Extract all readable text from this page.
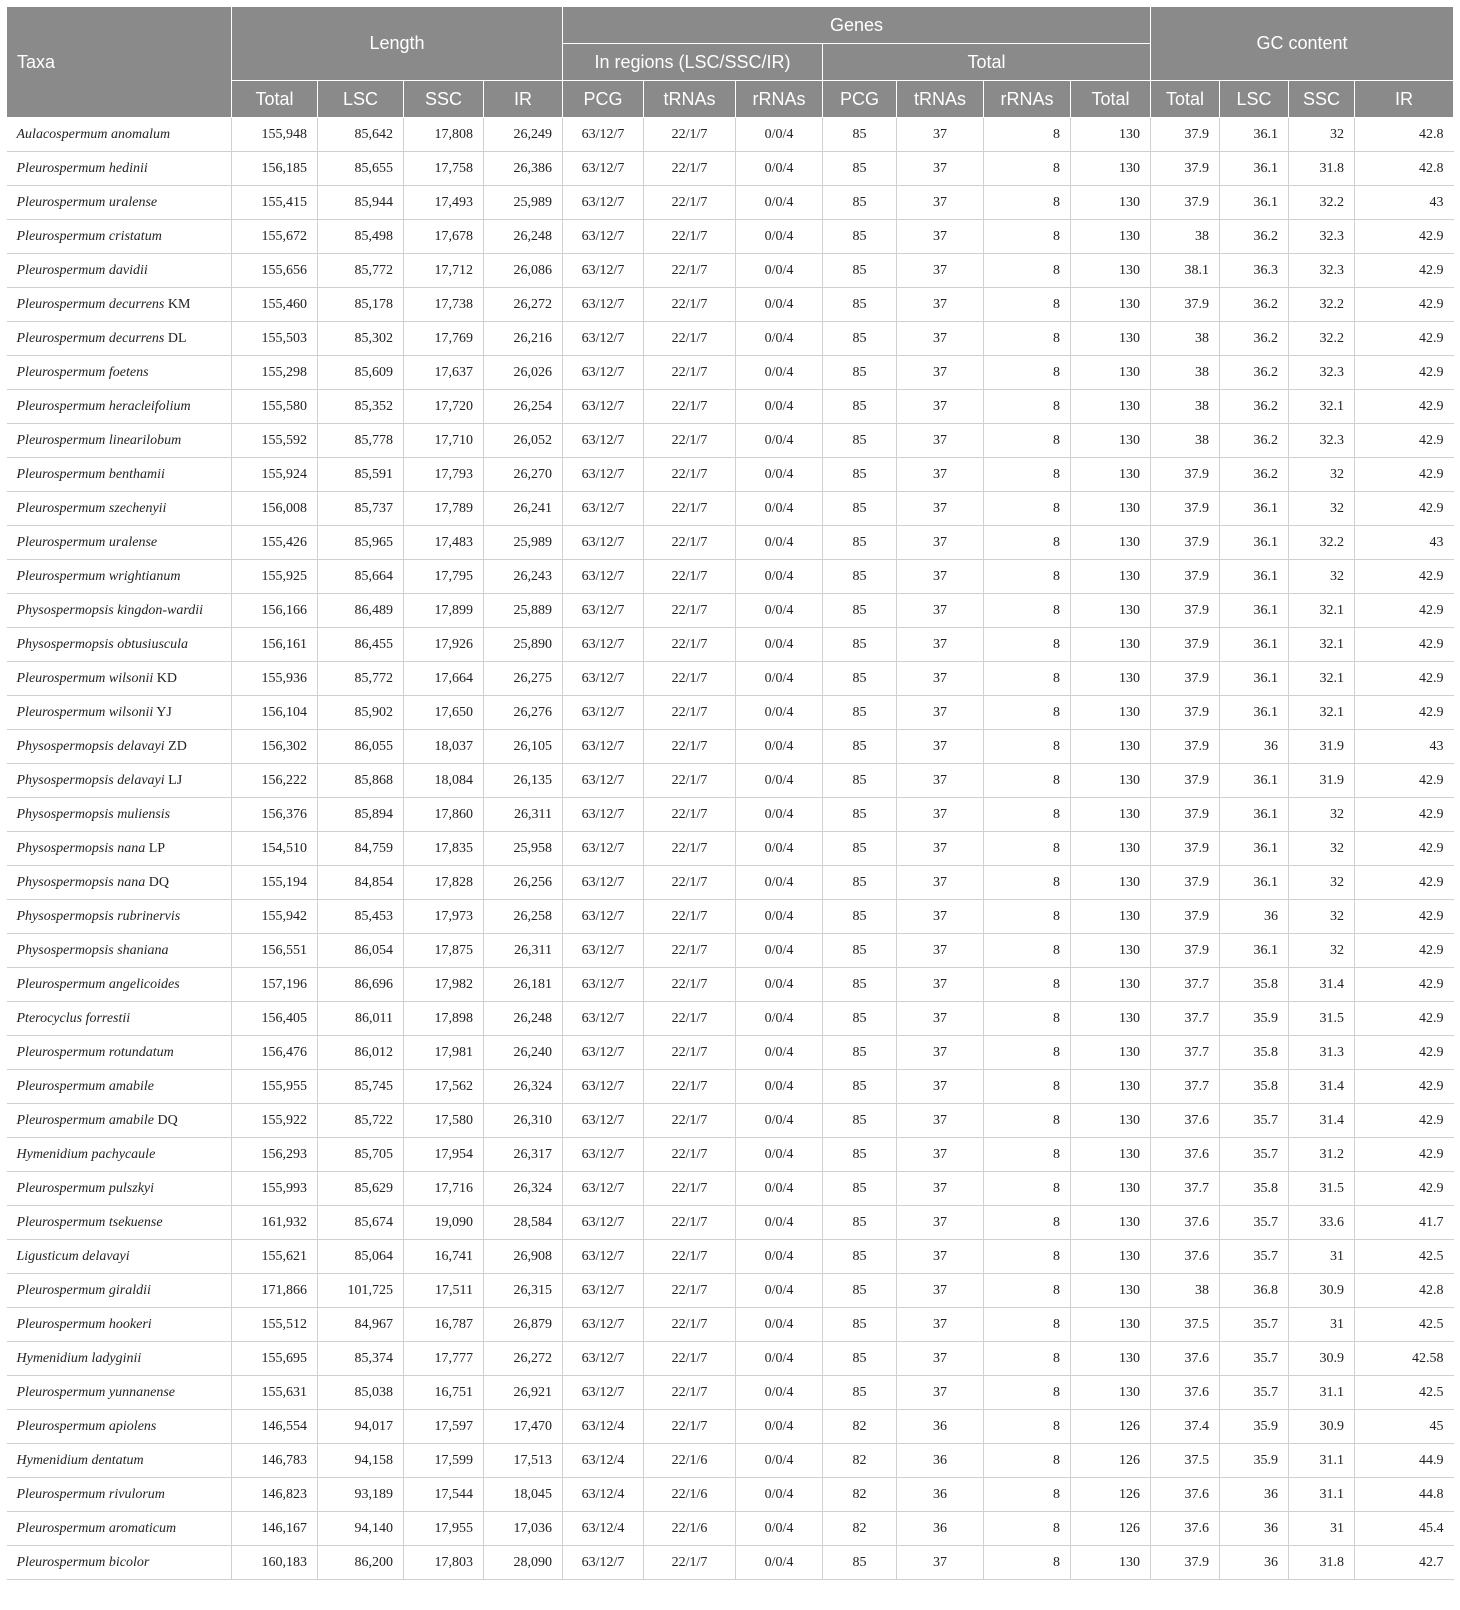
Taxa	Length				Genes							GC content			
					In regions (LSC/SSC/IR)			Total							
	Total	LSC	SSC	IR	PCG	tRNAs	rRNAs	PCG	tRNAs	rRNAs	Total	Total	LSC	SSC	IR
Aulacospermum anomalum	155,948	85,642	17,808	26,249	63/12/7	22/1/7	0/0/4	85	37	8	130	37.9	36.1	32	42.8
Pleurospermum hedinii	156,185	85,655	17,758	26,386	63/12/7	22/1/7	0/0/4	85	37	8	130	37.9	36.1	31.8	42.8
Pleurospermum uralense	155,415	85,944	17,493	25,989	63/12/7	22/1/7	0/0/4	85	37	8	130	37.9	36.1	32.2	43
Pleurospermum cristatum	155,672	85,498	17,678	26,248	63/12/7	22/1/7	0/0/4	85	37	8	130	38	36.2	32.3	42.9
Pleurospermum davidii	155,656	85,772	17,712	26,086	63/12/7	22/1/7	0/0/4	85	37	8	130	38.1	36.3	32.3	42.9
Pleurospermum decurrens KM	155,460	85,178	17,738	26,272	63/12/7	22/1/7	0/0/4	85	37	8	130	37.9	36.2	32.2	42.9
Pleurospermum decurrens DL	155,503	85,302	17,769	26,216	63/12/7	22/1/7	0/0/4	85	37	8	130	38	36.2	32.2	42.9
Pleurospermum foetens	155,298	85,609	17,637	26,026	63/12/7	22/1/7	0/0/4	85	37	8	130	38	36.2	32.3	42.9
Pleurospermum heracleifolium	155,580	85,352	17,720	26,254	63/12/7	22/1/7	0/0/4	85	37	8	130	38	36.2	32.1	42.9
Pleurospermum linearilobum	155,592	85,778	17,710	26,052	63/12/7	22/1/7	0/0/4	85	37	8	130	38	36.2	32.3	42.9
Pleurospermum benthamii	155,924	85,591	17,793	26,270	63/12/7	22/1/7	0/0/4	85	37	8	130	37.9	36.2	32	42.9
Pleurospermum szechenyii	156,008	85,737	17,789	26,241	63/12/7	22/1/7	0/0/4	85	37	8	130	37.9	36.1	32	42.9
Pleurospermum uralense	155,426	85,965	17,483	25,989	63/12/7	22/1/7	0/0/4	85	37	8	130	37.9	36.1	32.2	43
Pleurospermum wrightianum	155,925	85,664	17,795	26,243	63/12/7	22/1/7	0/0/4	85	37	8	130	37.9	36.1	32	42.9
Physospermopsis kingdon-wardii	156,166	86,489	17,899	25,889	63/12/7	22/1/7	0/0/4	85	37	8	130	37.9	36.1	32.1	42.9
Physospermopsis obtusiuscula	156,161	86,455	17,926	25,890	63/12/7	22/1/7	0/0/4	85	37	8	130	37.9	36.1	32.1	42.9
Pleurospermum wilsonii KD	155,936	85,772	17,664	26,275	63/12/7	22/1/7	0/0/4	85	37	8	130	37.9	36.1	32.1	42.9
Pleurospermum wilsonii YJ	156,104	85,902	17,650	26,276	63/12/7	22/1/7	0/0/4	85	37	8	130	37.9	36.1	32.1	42.9
Physospermopsis delavayi ZD	156,302	86,055	18,037	26,105	63/12/7	22/1/7	0/0/4	85	37	8	130	37.9	36	31.9	43
Physospermopsis delavayi LJ	156,222	85,868	18,084	26,135	63/12/7	22/1/7	0/0/4	85	37	8	130	37.9	36.1	31.9	42.9
Physospermopsis muliensis	156,376	85,894	17,860	26,311	63/12/7	22/1/7	0/0/4	85	37	8	130	37.9	36.1	32	42.9
Physospermopsis nana LP	154,510	84,759	17,835	25,958	63/12/7	22/1/7	0/0/4	85	37	8	130	37.9	36.1	32	42.9
Physospermopsis nana DQ	155,194	84,854	17,828	26,256	63/12/7	22/1/7	0/0/4	85	37	8	130	37.9	36.1	32	42.9
Physospermopsis rubrinervis	155,942	85,453	17,973	26,258	63/12/7	22/1/7	0/0/4	85	37	8	130	37.9	36	32	42.9
Physospermopsis shaniana	156,551	86,054	17,875	26,311	63/12/7	22/1/7	0/0/4	85	37	8	130	37.9	36.1	32	42.9
Pleurospermum angelicoides	157,196	86,696	17,982	26,181	63/12/7	22/1/7	0/0/4	85	37	8	130	37.7	35.8	31.4	42.9
Pterocyclus forrestii	156,405	86,011	17,898	26,248	63/12/7	22/1/7	0/0/4	85	37	8	130	37.7	35.9	31.5	42.9
Pleurospermum rotundatum	156,476	86,012	17,981	26,240	63/12/7	22/1/7	0/0/4	85	37	8	130	37.7	35.8	31.3	42.9
Pleurospermum amabile	155,955	85,745	17,562	26,324	63/12/7	22/1/7	0/0/4	85	37	8	130	37.7	35.8	31.4	42.9
Pleurospermum amabile DQ	155,922	85,722	17,580	26,310	63/12/7	22/1/7	0/0/4	85	37	8	130	37.6	35.7	31.4	42.9
Hymenidium pachycaule	156,293	85,705	17,954	26,317	63/12/7	22/1/7	0/0/4	85	37	8	130	37.6	35.7	31.2	42.9
Pleurospermum pulszkyi	155,993	85,629	17,716	26,324	63/12/7	22/1/7	0/0/4	85	37	8	130	37.7	35.8	31.5	42.9
Pleurospermum tsekuense	161,932	85,674	19,090	28,584	63/12/7	22/1/7	0/0/4	85	37	8	130	37.6	35.7	33.6	41.7
Ligusticum delavayi	155,621	85,064	16,741	26,908	63/12/7	22/1/7	0/0/4	85	37	8	130	37.6	35.7	31	42.5
Pleurospermum giraldii	171,866	101,725	17,511	26,315	63/12/7	22/1/7	0/0/4	85	37	8	130	38	36.8	30.9	42.8
Pleurospermum hookeri	155,512	84,967	16,787	26,879	63/12/7	22/1/7	0/0/4	85	37	8	130	37.5	35.7	31	42.5
Hymenidium ladyginii	155,695	85,374	17,777	26,272	63/12/7	22/1/7	0/0/4	85	37	8	130	37.6	35.7	30.9	42.58
Pleurospermum yunnanense	155,631	85,038	16,751	26,921	63/12/7	22/1/7	0/0/4	85	37	8	130	37.6	35.7	31.1	42.5
Pleurospermum apiolens	146,554	94,017	17,597	17,470	63/12/4	22/1/7	0/0/4	82	36	8	126	37.4	35.9	30.9	45
Hymenidium dentatum	146,783	94,158	17,599	17,513	63/12/4	22/1/6	0/0/4	82	36	8	126	37.5	35.9	31.1	44.9
Pleurospermum rivulorum	146,823	93,189	17,544	18,045	63/12/4	22/1/6	0/0/4	82	36	8	126	37.6	36	31.1	44.8
Pleurospermum aromaticum	146,167	94,140	17,955	17,036	63/12/4	22/1/6	0/0/4	82	36	8	126	37.6	36	31	45.4
Pleurospermum bicolor	160,183	86,200	17,803	28,090	63/12/7	22/1/7	0/0/4	85	37	8	130	37.9	36	31.8	42.7
